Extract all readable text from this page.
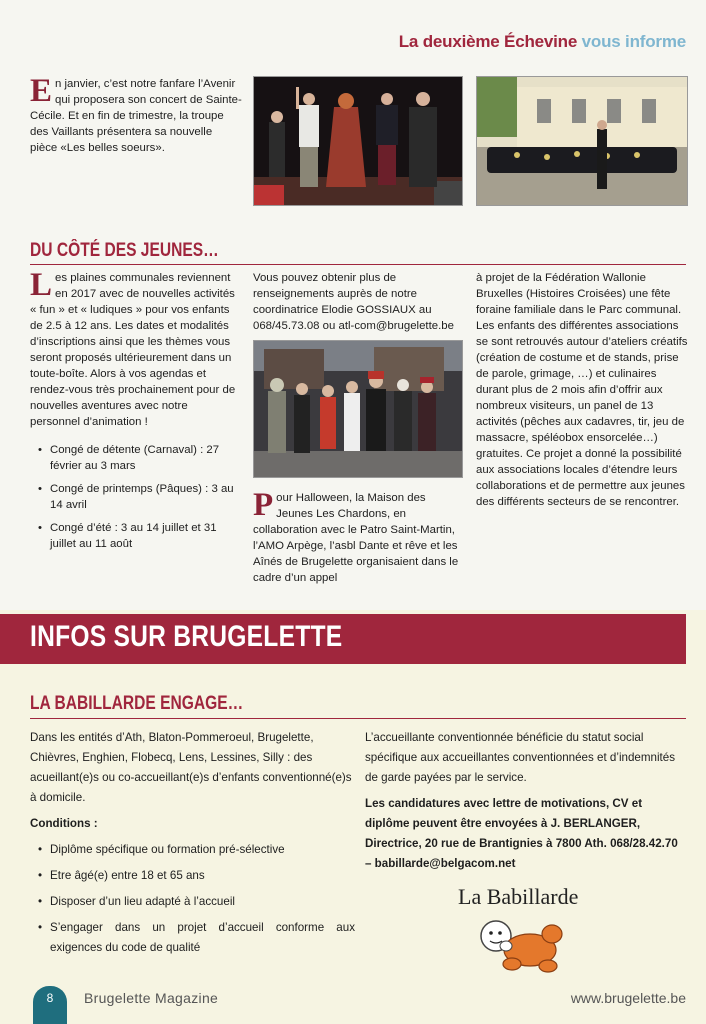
La deuxième Échevine vous informe
En janvier, c’est notre fanfare l’Avenir qui proposera son concert de Sainte-Cécile. Et en fin de trimestre, la troupe des Vaillants présentera sa nouvelle pièce «Les belles soeurs».
DU CÔTÉ DES JEUNES…
Les plaines communales reviennent en 2017 avec de nouvelles activités « fun » et « ludiques » pour vos enfants de 2.5 à 12 ans. Les dates et modalités d’inscriptions ainsi que les thèmes vous seront proposés ultérieurement dans un toute-boîte. Alors à vos agendas et rendez-vous très prochainement pour de nouvelles aventures avec notre personnel d’animation !
• Congé de détente (Carnaval) : 27 février au 3 mars
• Congé de printemps (Pâques) : 3 au 14 avril
• Congé d’été : 3 au 14 juillet et 31 juillet au 11 août
Vous pouvez obtenir plus de renseignements auprès de notre coordinatrice Elodie GOSSIAUX au 068/45.73.08 ou atl-com@brugelette.be
Pour Halloween, la Maison des Jeunes Les Chardons, en collaboration avec le Patro Saint-Martin, l’AMO Arpège, l’asbl Dante et rêve et les Aînés de Brugelette organisaient dans le cadre d’un appel
à projet de la Fédération Wallonie Bruxelles (Histoires Croisées) une fête foraine familiale dans le Parc communal. Les enfants des différentes associations se sont retrouvés autour d’ateliers créatifs (création de costume et de stands, prise de parole, grimage, …) et culinaires durant plus de 2 mois afin d’offrir aux nombreux visiteurs, un panel de 13 activités (pêches aux cadavres, tir, jeu de massacre, spéléobox ensorcelée…) gratuites. Ce projet a donné la possibilité aux associations locales d’étendre leurs collaborations et de permettre aux jeunes des différents secteurs de se rencontrer.
INFOS SUR BRUGELETTE
LA BABILLARDE ENGAGE…
Dans les entités d’Ath, Blaton-Pommeroeul, Brugelette, Chièvres, Enghien, Flobecq, Lens, Lessines, Silly : des acueillant(e)s ou co-accueillant(e)s d’enfants conventionné(e)s à domicile.
Conditions :
• Diplôme spécifique ou formation pré-sélective
• Etre âgé(e) entre 18 et 65 ans
• Disposer d’un lieu adapté à l’accueil
• S’engager dans un projet d’accueil conforme aux exigences du code de qualité
L’accueillante conventionnée bénéficie du statut social spécifique aux accueillantes conventionnées et d’indemnités de garde payées par le service.
Les candidatures avec lettre de motivations, CV et diplôme peuvent être envoyées à J. BERLANGER, Directrice, 20 rue de Brantignies à 7800 Ath. 068/28.42.70 – babillarde@belgacom.net
La Babillarde
8	Brugelette Magazine	www.brugelette.be
